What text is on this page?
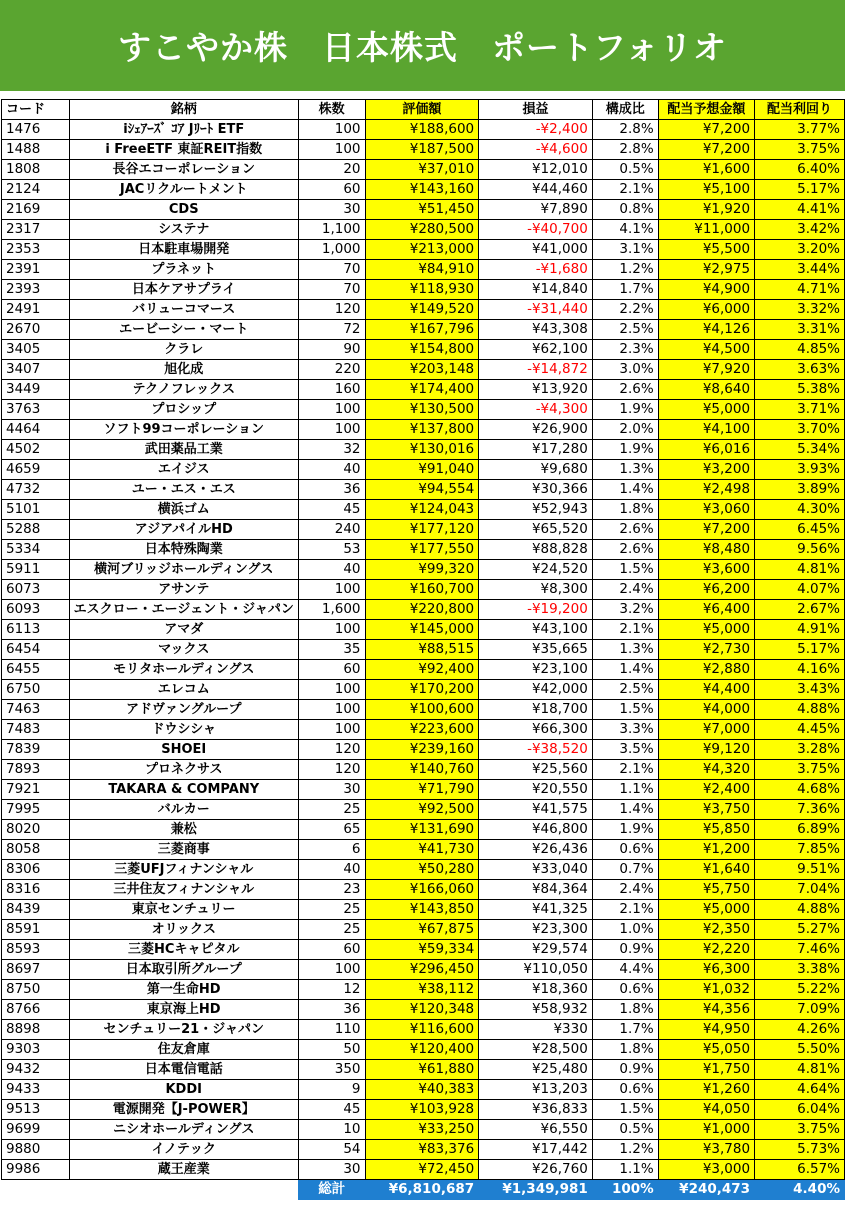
すこやか株　日本株式　ポートフォリオ
コード	銘柄	株数	評価額	損益	構成比	配当予想金額	配当利回り
1476	iｼｪｱｰｽﾞ ｺｱ Jﾘｰﾄ ETF	100	¥188,600	-¥2,400	2.8%	¥7,200	3.77%
1488	i FreeETF 東証REIT指数	100	¥187,500	-¥4,600	2.8%	¥7,200	3.75%
1808	長谷エコーポレーション	20	¥37,010	¥12,010	0.5%	¥1,600	6.40%
2124	JACリクルートメント	60	¥143,160	¥44,460	2.1%	¥5,100	5.17%
2169	CDS	30	¥51,450	¥7,890	0.8%	¥1,920	4.41%
2317	システナ	1,100	¥280,500	-¥40,700	4.1%	¥11,000	3.42%
2353	日本駐車場開発	1,000	¥213,000	¥41,000	3.1%	¥5,500	3.20%
2391	プラネット	70	¥84,910	-¥1,680	1.2%	¥2,975	3.44%
2393	日本ケアサプライ	70	¥118,930	¥14,840	1.7%	¥4,900	4.71%
2491	バリューコマース	120	¥149,520	-¥31,440	2.2%	¥6,000	3.32%
2670	エービーシー・マート	72	¥167,796	¥43,308	2.5%	¥4,126	3.31%
3405	クラレ	90	¥154,800	¥62,100	2.3%	¥4,500	4.85%
3407	旭化成	220	¥203,148	-¥14,872	3.0%	¥7,920	3.63%
3449	テクノフレックス	160	¥174,400	¥13,920	2.6%	¥8,640	5.38%
3763	プロシップ	100	¥130,500	-¥4,300	1.9%	¥5,000	3.71%
4464	ソフト99コーポレーション	100	¥137,800	¥26,900	2.0%	¥4,100	3.70%
4502	武田薬品工業	32	¥130,016	¥17,280	1.9%	¥6,016	5.34%
4659	エイジス	40	¥91,040	¥9,680	1.3%	¥3,200	3.93%
4732	ユー・エス・エス	36	¥94,554	¥30,366	1.4%	¥2,498	3.89%
5101	横浜ゴム	45	¥124,043	¥52,943	1.8%	¥3,060	4.30%
5288	アジアパイルHD	240	¥177,120	¥65,520	2.6%	¥7,200	6.45%
5334	日本特殊陶業	53	¥177,550	¥88,828	2.6%	¥8,480	9.56%
5911	横河ブリッジホールディングス	40	¥99,320	¥24,520	1.5%	¥3,600	4.81%
6073	アサンテ	100	¥160,700	¥8,300	2.4%	¥6,200	4.07%
6093	エスクロー・エージェント・ジャパン	1,600	¥220,800	-¥19,200	3.2%	¥6,400	2.67%
6113	アマダ	100	¥145,000	¥43,100	2.1%	¥5,000	4.91%
6454	マックス	35	¥88,515	¥35,665	1.3%	¥2,730	5.17%
6455	モリタホールディングス	60	¥92,400	¥23,100	1.4%	¥2,880	4.16%
6750	エレコム	100	¥170,200	¥42,000	2.5%	¥4,400	3.43%
7463	アドヴァングループ	100	¥100,600	¥18,700	1.5%	¥4,000	4.88%
7483	ドウシシャ	100	¥223,600	¥66,300	3.3%	¥7,000	4.45%
7839	SHOEI	120	¥239,160	-¥38,520	3.5%	¥9,120	3.28%
7893	プロネクサス	120	¥140,760	¥25,560	2.1%	¥4,320	3.75%
7921	TAKARA & COMPANY	30	¥71,790	¥20,550	1.1%	¥2,400	4.68%
7995	バルカー	25	¥92,500	¥41,575	1.4%	¥3,750	7.36%
8020	兼松	65	¥131,690	¥46,800	1.9%	¥5,850	6.89%
8058	三菱商事	6	¥41,730	¥26,436	0.6%	¥1,200	7.85%
8306	三菱UFJフィナンシャル	40	¥50,280	¥33,040	0.7%	¥1,640	9.51%
8316	三井住友フィナンシャル	23	¥166,060	¥84,364	2.4%	¥5,750	7.04%
8439	東京センチュリー	25	¥143,850	¥41,325	2.1%	¥5,000	4.88%
8591	オリックス	25	¥67,875	¥23,300	1.0%	¥2,350	5.27%
8593	三菱HCキャピタル	60	¥59,334	¥29,574	0.9%	¥2,220	7.46%
8697	日本取引所グループ	100	¥296,450	¥110,050	4.4%	¥6,300	3.38%
8750	第一生命HD	12	¥38,112	¥18,360	0.6%	¥1,032	5.22%
8766	東京海上HD	36	¥120,348	¥58,932	1.8%	¥4,356	7.09%
8898	センチュリー21・ジャパン	110	¥116,600	¥330	1.7%	¥4,950	4.26%
9303	住友倉庫	50	¥120,400	¥28,500	1.8%	¥5,050	5.50%
9432	日本電信電話	350	¥61,880	¥25,480	0.9%	¥1,750	4.81%
9433	KDDI	9	¥40,383	¥13,203	0.6%	¥1,260	4.64%
9513	電源開発【J-POWER】	45	¥103,928	¥36,833	1.5%	¥4,050	6.04%
9699	ニシオホールディングス	10	¥33,250	¥6,550	0.5%	¥1,000	3.75%
9880	イノテック	54	¥83,376	¥17,442	1.2%	¥3,780	5.73%
9986	蔵王産業	30	¥72,450	¥26,760	1.1%	¥3,000	6.57%
		総計	¥6,810,687	¥1,349,981	100%	¥240,473	4.40%
